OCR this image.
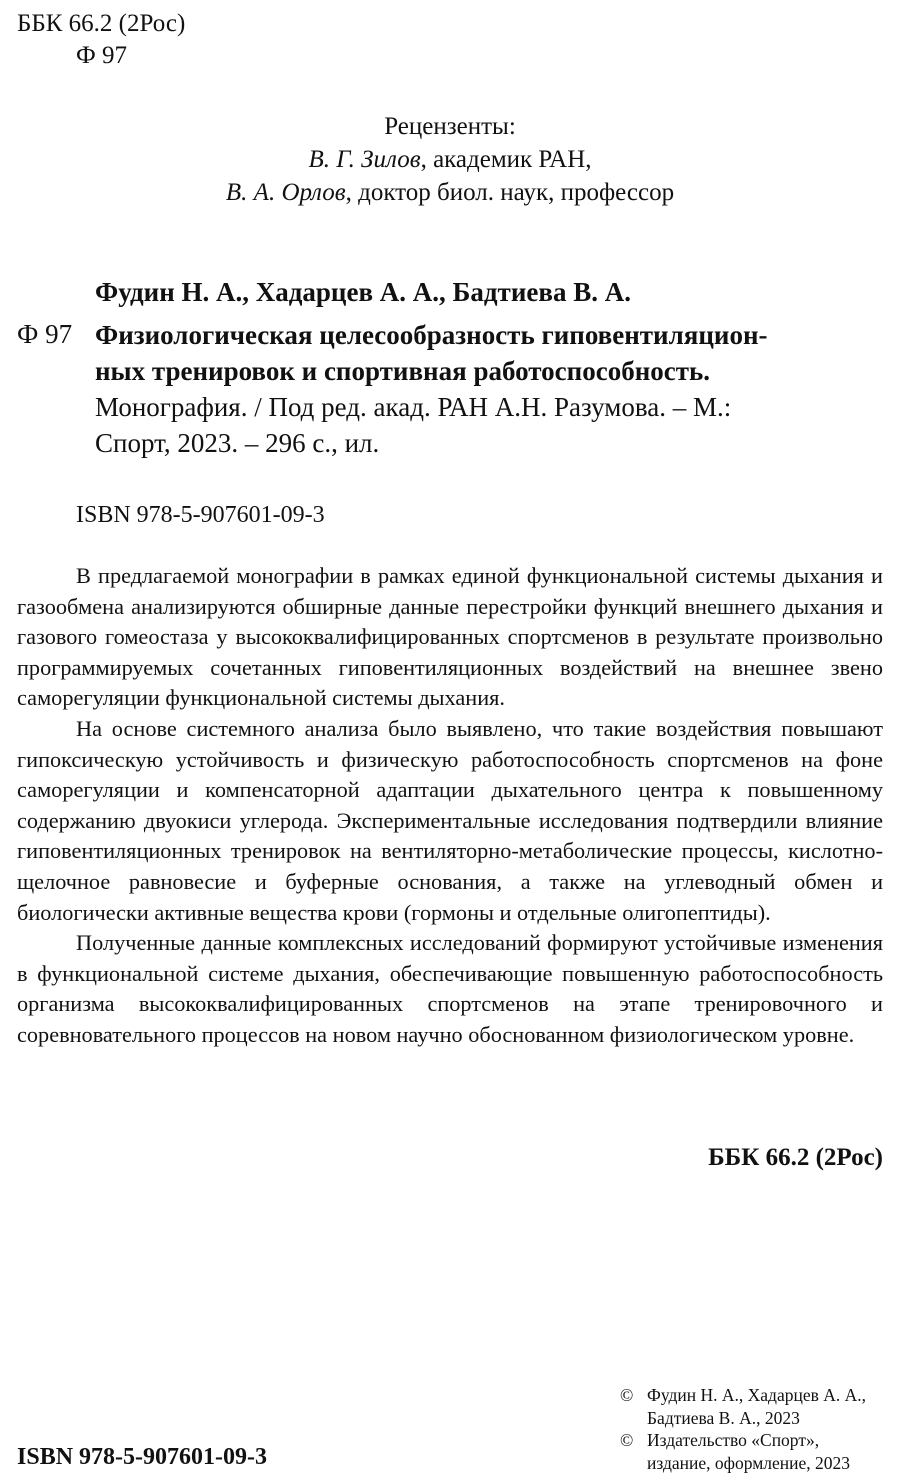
ББК 66.2 (2Рос)
Ф 97
Рецензенты:
В. Г. Зилов, академик РАН,
В. А. Орлов, доктор биол. наук, профессор
Фудин Н. А., Хадарцев А. А., Бадтиева В. А.
Ф 97 Физиологическая целесообразность гиповентиляцион-
ных тренировок и спортивная работоспособность.
Монография. / Под ред. акад. РАН А.Н. Разумова. – М.:
Спорт, 2023. – 296 с., ил.
ISBN 978-5-907601-09-3

В предлагаемой монографии в рамках единой функциональной системы дыхания и газообмена анализируются обширные данные перестройки функций внешнего дыхания и газового гомеостаза у высококвалифицированных спортсменов в результате произвольно программируемых сочетанных гиповентиляционных воздействий на внешнее звено саморегуляции функциональной системы дыхания.

На основе системного анализа было выявлено, что такие воздействия повышают гипоксическую устойчивость и физическую работоспособность спортсменов на фоне саморегуляции и компенсаторной адаптации дыхательного центра к повышенному содержанию двуокиси углерода. Экспериментальные исследования подтвердили влияние гиповентиляционных тренировок на вентиляторно-метаболические процессы, кислотно-щелочное равновесие и буферные основания, а также на углеводный обмен и биологически активные вещества крови (гормоны и отдельные олигопептиды).

Полученные данные комплексных исследований формируют устойчивые изменения в функциональной системе дыхания, обеспечивающие повышенную работоспособность организма высококвалифицированных спортсменов на этапе тренировочного и соревновательного процессов на новом научно обоснованном физиологическом уровне.

ББК 66.2 (2Рос)
© Фудин Н. А., Хадарцев А. А.,
Бадтиева В. А., 2023
© Издательство «Спорт»,
издание, оформление, 2023
ISBN 978-5-907601-09-3
